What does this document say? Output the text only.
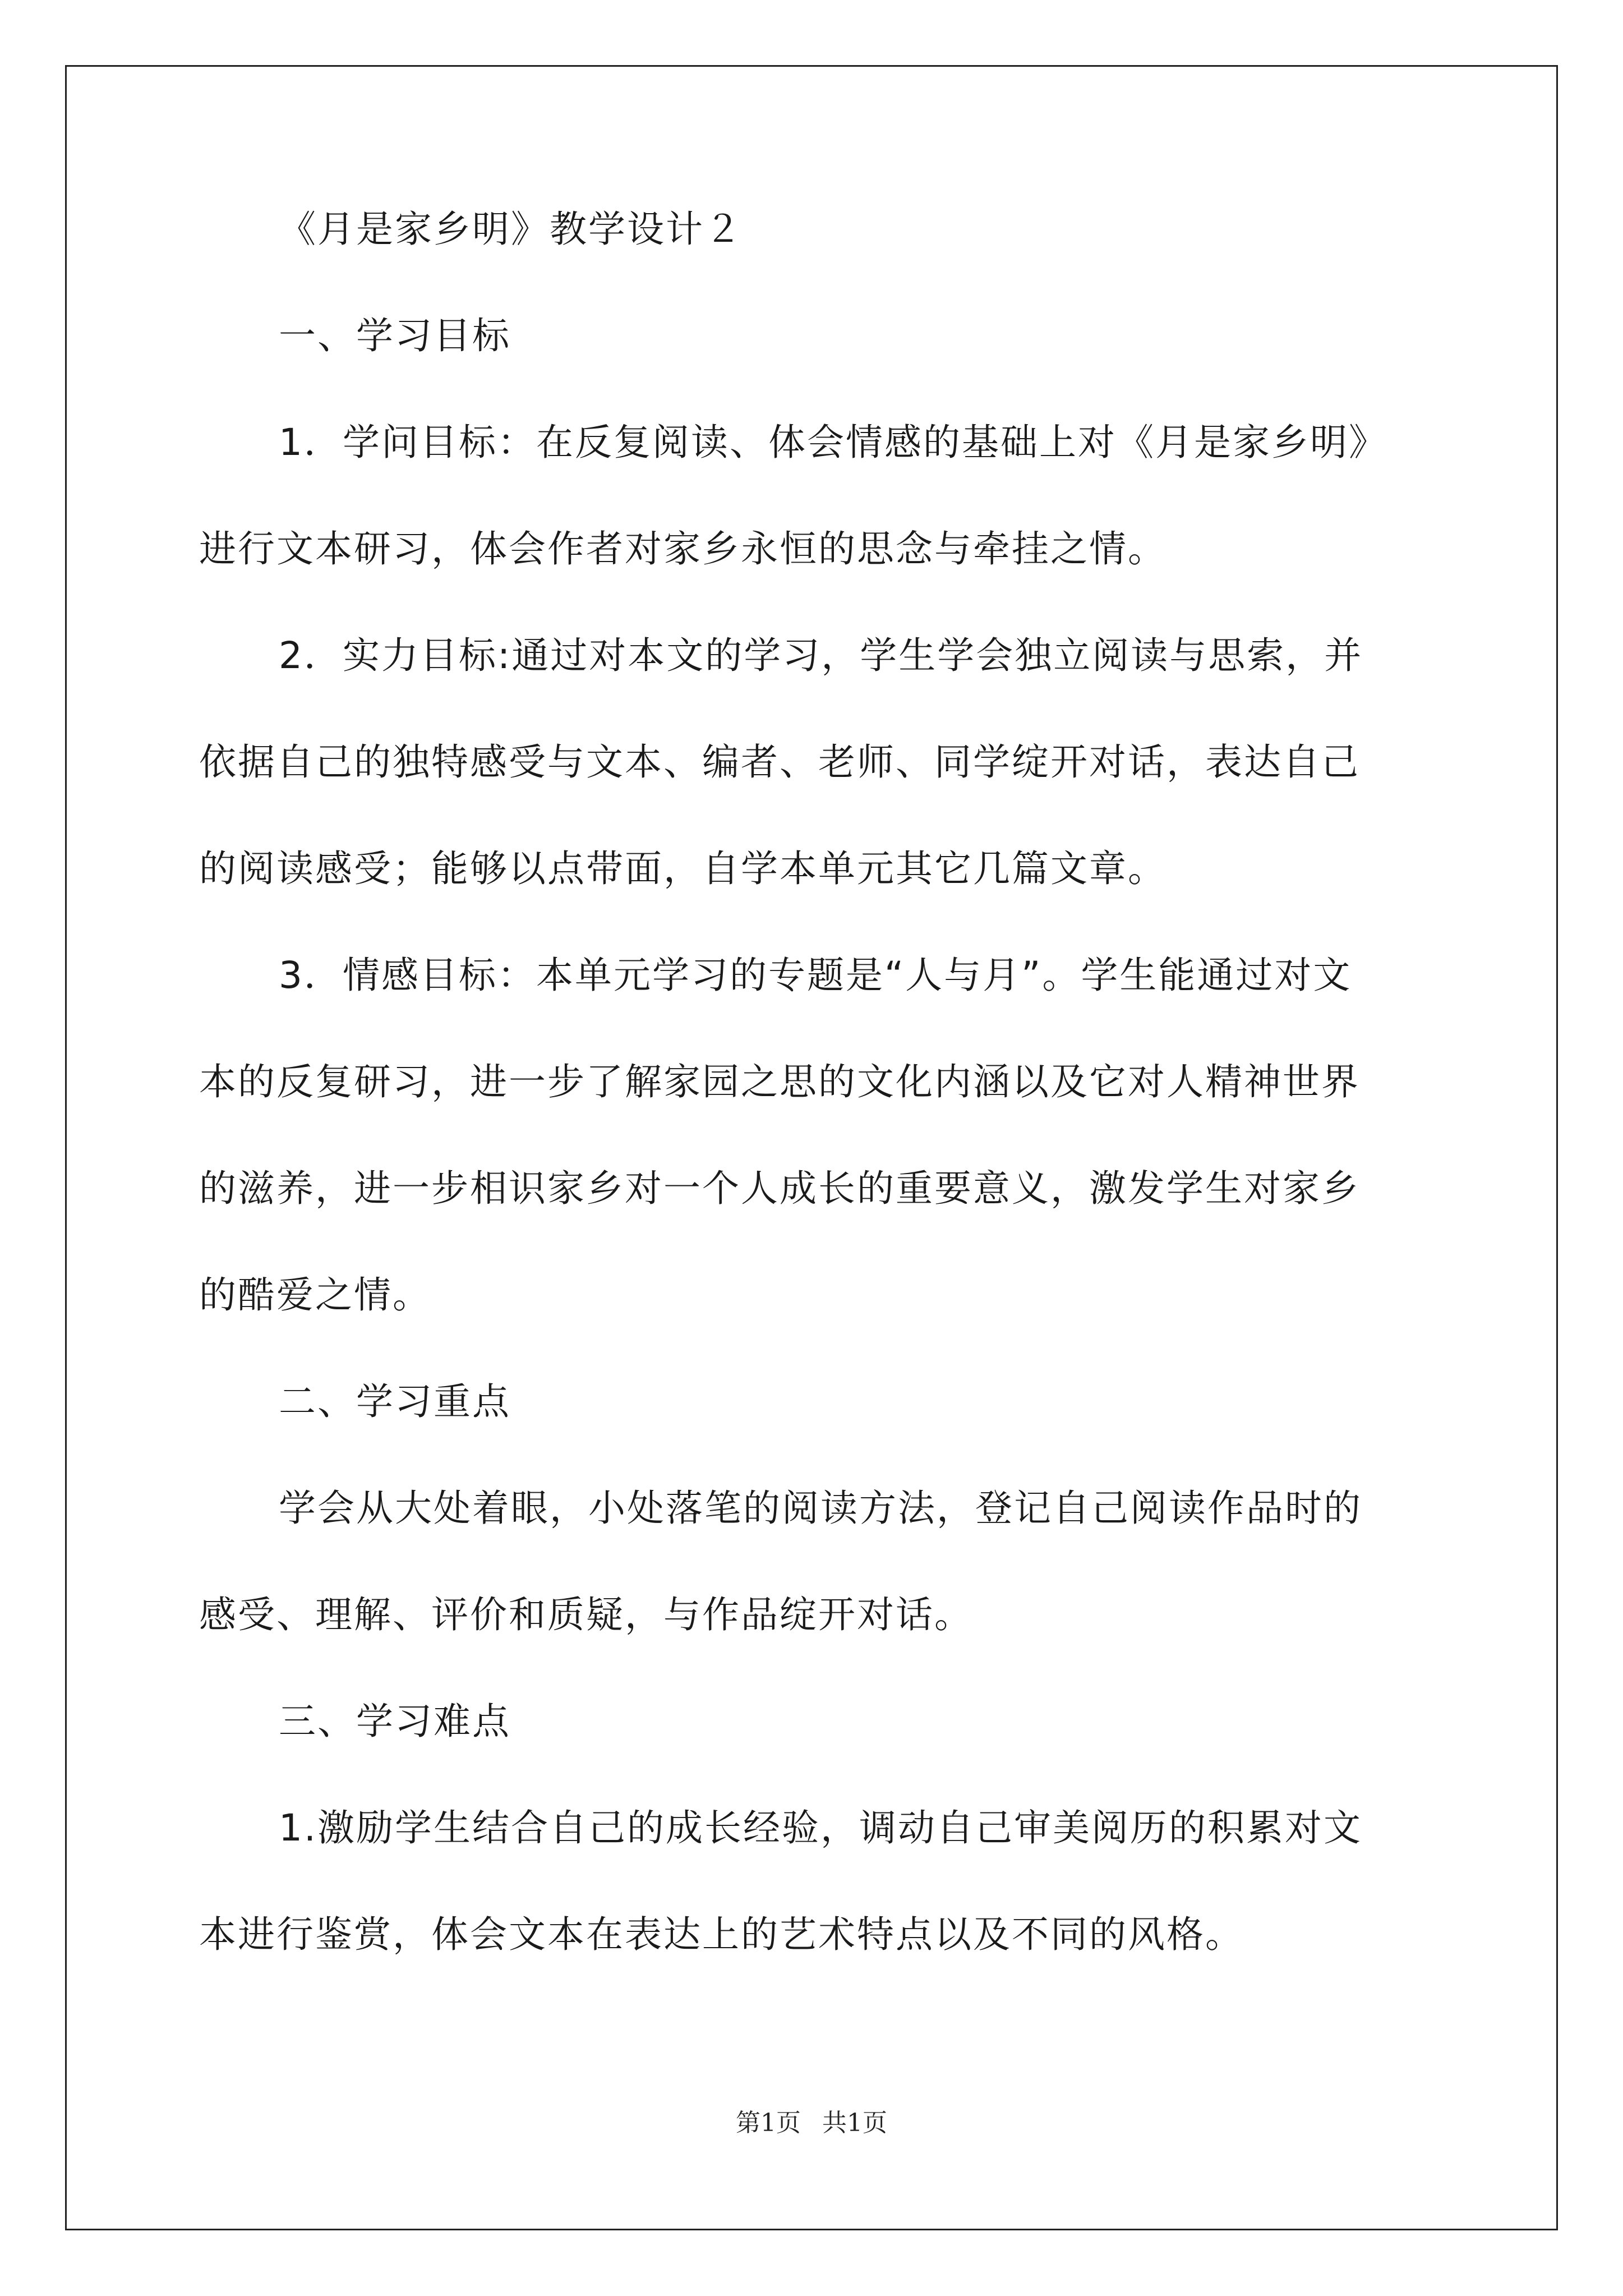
《月是家乡明》教学设计２

一、学习目标

1．学问目标：在反复阅读、体会情感的基础上对《月是家乡明》

进行文本研习，体会作者对家乡永恒的思念与牵挂之情。

2．实力目标:通过对本文的学习，学生学会独立阅读与思索，并

依据自己的独特感受与文本、编者、老师、同学绽开对话，表达自己

的阅读感受；能够以点带面，自学本单元其它几篇文章。

3．情感目标：本单元学习的专题是“人与月”。学生能通过对文

本的反复研习，进一步了解家园之思的文化内涵以及它对人精神世界

的滋养，进一步相识家乡对一个人成长的重要意义，激发学生对家乡

的酷爱之情。

二、学习重点

学会从大处着眼，小处落笔的阅读方法，登记自己阅读作品时的

感受、理解、评价和质疑，与作品绽开对话。

三、学习难点

1.激励学生结合自己的成长经验，调动自己审美阅历的积累对文

本进行鉴赏，体会文本在表达上的艺术特点以及不同的风格。

第1页 共1页
